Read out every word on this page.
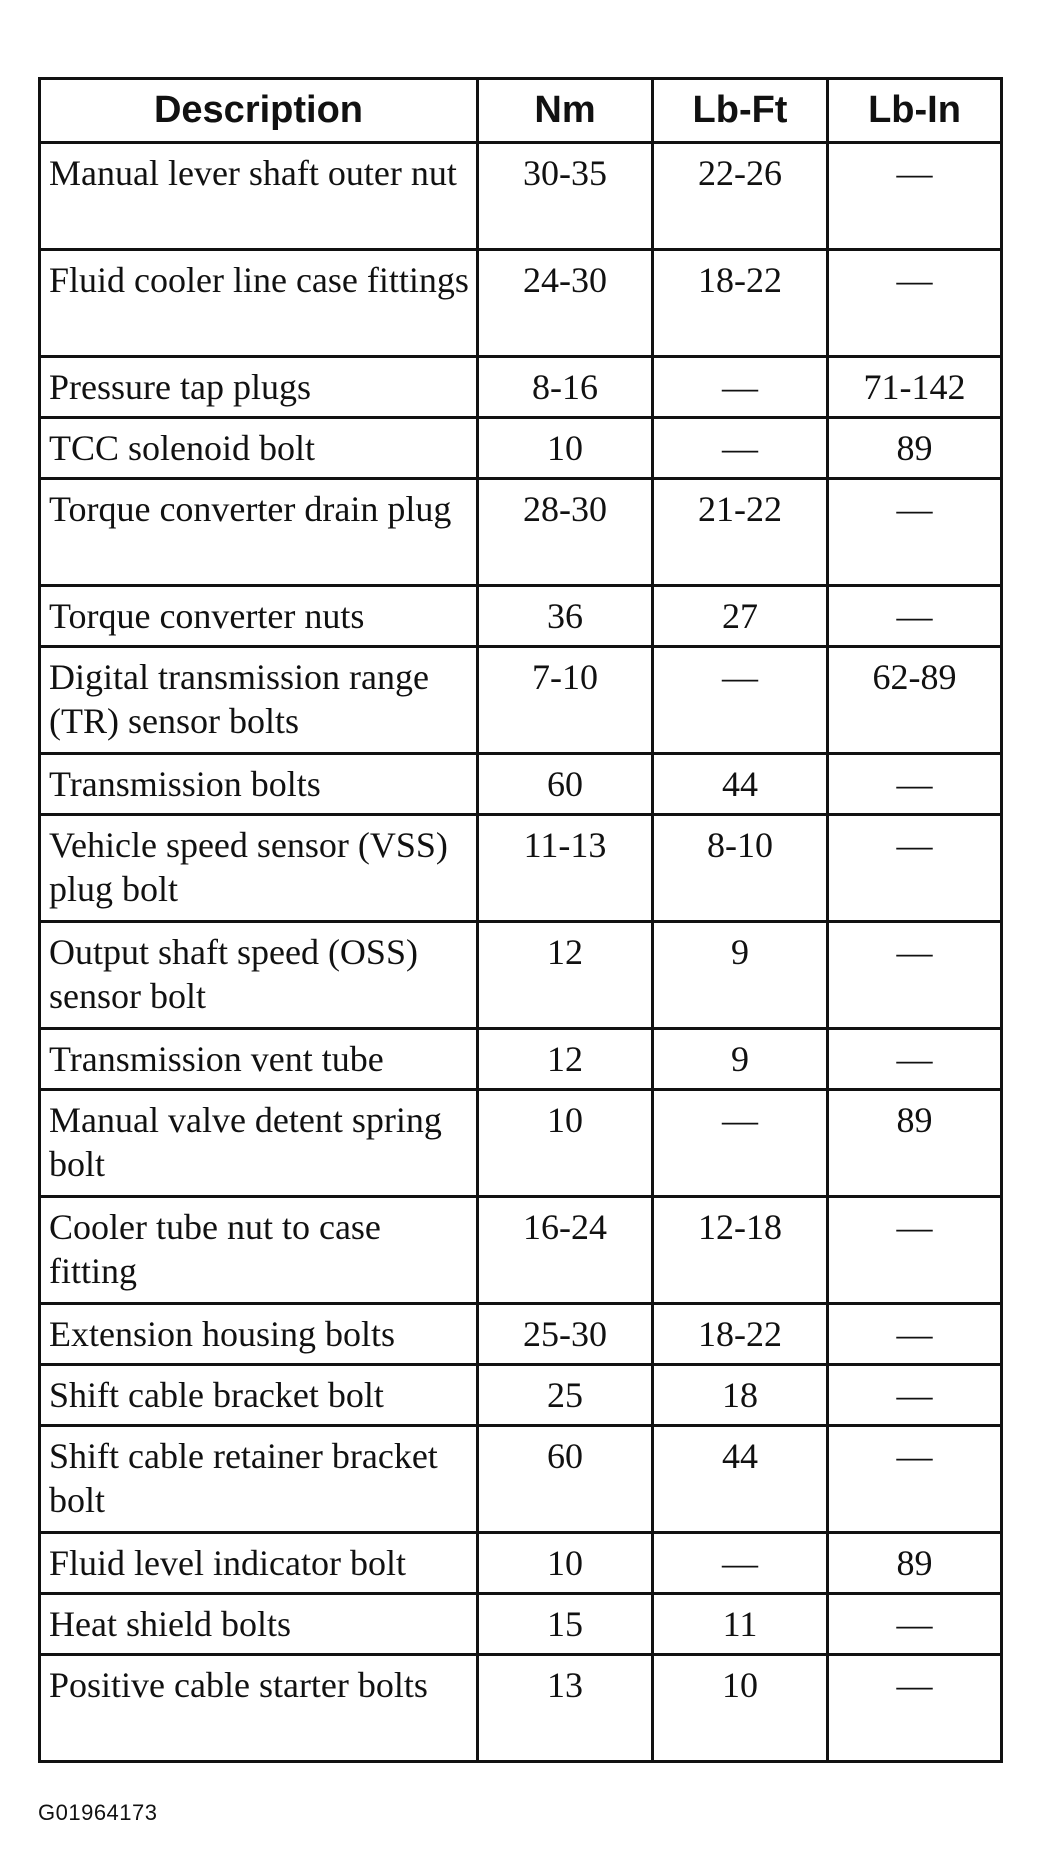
Description	Nm	Lb-Ft	Lb-In
Manual lever shaft outer nut	30-35	22-26	—
Fluid cooler line case fittings	24-30	18-22	—
Pressure tap plugs	8-16	—	71-142
TCC solenoid bolt	10	—	89
Torque converter drain plug	28-30	21-22	—
Torque converter nuts	36	27	—
Digital transmission range (TR) sensor bolts	7-10	—	62-89
Transmission bolts	60	44	—
Vehicle speed sensor (VSS) plug bolt	11-13	8-10	—
Output shaft speed (OSS) sensor bolt	12	9	—
Transmission vent tube	12	9	—
Manual valve detent spring bolt	10	—	89
Cooler tube nut to case fitting	16-24	12-18	—
Extension housing bolts	25-30	18-22	—
Shift cable bracket bolt	25	18	—
Shift cable retainer bracket bolt	60	44	—
Fluid level indicator bolt	10	—	89
Heat shield bolts	15	11	—
Positive cable starter bolts	13	10	—
G01964173
